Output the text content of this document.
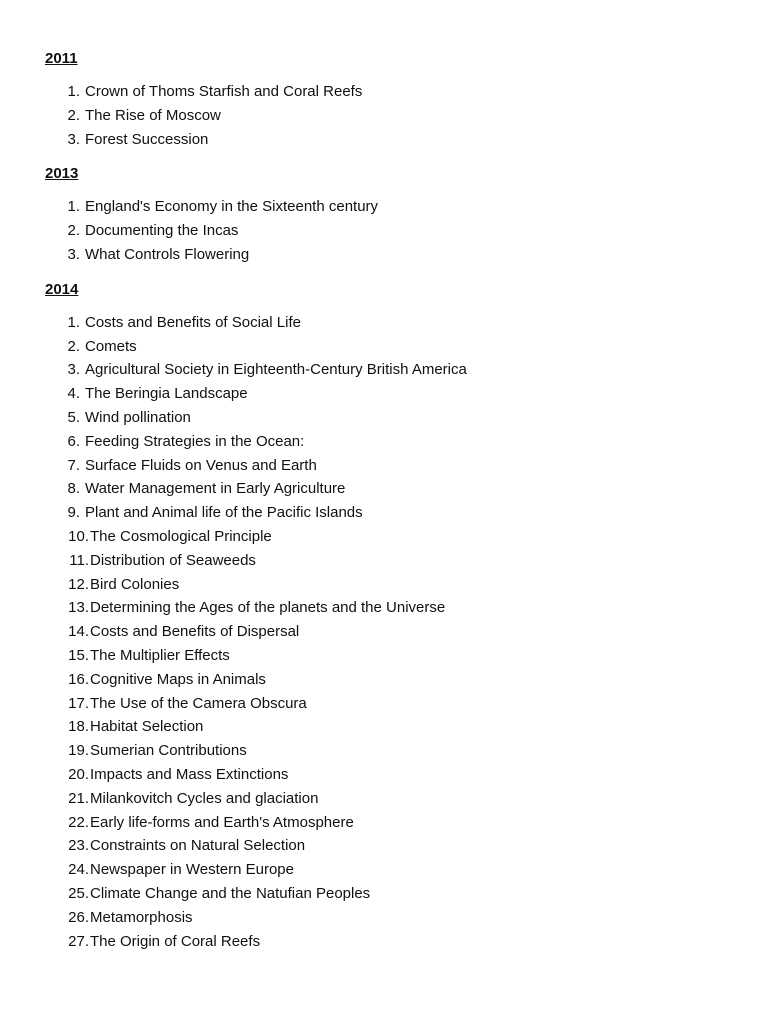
2011
1. Crown of Thoms Starfish and Coral Reefs
2. The Rise of Moscow
3. Forest Succession
2013
1. England's Economy in the Sixteenth century
2. Documenting the Incas
3. What Controls Flowering
2014
1. Costs and Benefits of Social Life
2. Comets
3. Agricultural Society in Eighteenth-Century British America
4. The Beringia Landscape
5. Wind pollination
6. Feeding Strategies in the Ocean:
7. Surface Fluids on Venus and Earth
8. Water Management in Early Agriculture
9. Plant and Animal life of the Pacific Islands
10. The Cosmological Principle
11. Distribution of Seaweeds
12. Bird Colonies
13. Determining the Ages of the planets and the Universe
14. Costs and Benefits of Dispersal
15. The Multiplier Effects
16. Cognitive Maps in Animals
17. The Use of the Camera Obscura
18. Habitat Selection
19. Sumerian Contributions
20. Impacts and Mass Extinctions
21. Milankovitch Cycles and glaciation
22. Early life-forms and Earth's Atmosphere
23. Constraints on Natural Selection
24. Newspaper in Western Europe
25. Climate Change and the Natufian Peoples
26. Metamorphosis
27. The Origin of Coral Reefs
